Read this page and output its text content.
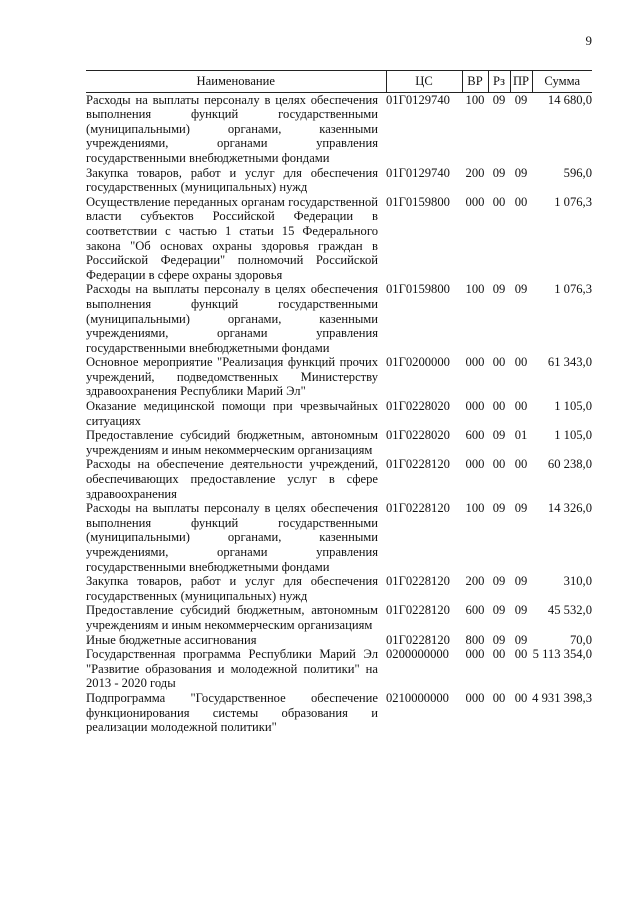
9
Наименование	ЦС	ВР	Рз	ПР	Сумма
Расходы на выплаты персоналу в целях обеспечения выполнения функций государственными (муниципальными) органами, казенными учреждениями, органами управления государственными внебюджетными фондами	01Г0129740	100	09	09	14 680,0
Закупка товаров, работ и услуг для обеспечения государственных (муниципальных) нужд	01Г0129740	200	09	09	596,0
Осуществление переданных органам государственной власти субъектов Российской Федерации в соответствии с частью 1 статьи 15 Федерального закона "Об основах охраны здоровья граждан в Российской Федерации" полномочий Российской Федерации в сфере охраны здоровья	01Г0159800	000	00	00	1 076,3
Расходы на выплаты персоналу в целях обеспечения выполнения функций государственными (муниципальными) органами, казенными учреждениями, органами управления государственными внебюджетными фондами	01Г0159800	100	09	09	1 076,3
Основное мероприятие "Реализация функций прочих учреждений, подведомственных Министерству здравоохранения Республики Марий Эл"	01Г0200000	000	00	00	61 343,0
Оказание медицинской помощи при чрезвычайных ситуациях	01Г0228020	000	00	00	1 105,0
Предоставление субсидий бюджетным, автономным учреждениям и иным некоммерческим организациям	01Г0228020	600	09	01	1 105,0
Расходы на обеспечение деятельности учреждений, обеспечивающих предоставление услуг в сфере здравоохранения	01Г0228120	000	00	00	60 238,0
Расходы на выплаты персоналу в целях обеспечения выполнения функций государственными (муниципальными) органами, казенными учреждениями, органами управления государственными внебюджетными фондами	01Г0228120	100	09	09	14 326,0
Закупка товаров, работ и услуг для обеспечения государственных (муниципальных) нужд	01Г0228120	200	09	09	310,0
Предоставление субсидий бюджетным, автономным учреждениям и иным некоммерческим организациям	01Г0228120	600	09	09	45 532,0
Иные бюджетные ассигнования	01Г0228120	800	09	09	70,0
Государственная программа Республики Марий Эл "Развитие образования и молодежной политики" на 2013 - 2020 годы	0200000000	000	00	00	5 113 354,0
Подпрограмма "Государственное обеспечение функционирования системы образования и реализации молодежной политики"	0210000000	000	00	00	4 931 398,3
